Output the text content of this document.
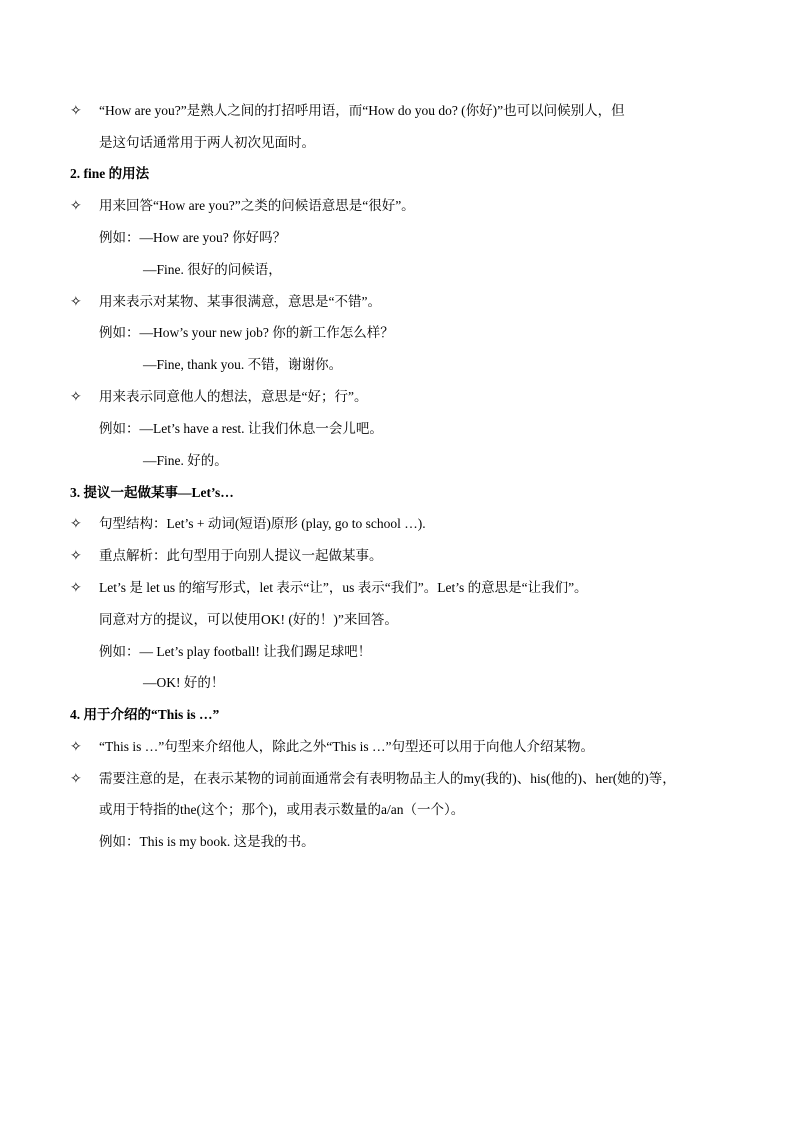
✧ “How are you?”是熟人之间的打招呼用语，而“How do you do? (你好)”也可以问候别人，但
是这句话通常用于两人初次见面时。
2. fine 的用法
✧ 用来回答“How are you?”之类的问候语意思是“很好”。
例如：—How are you? 你好吗？
—Fine. 很好的问候语，
✧ 用来表示对某物、某事很满意，意思是“不错”。
例如：—How’s your new job? 你的新工作怎么样？
—Fine, thank you. 不错，谢谢你。
✧ 用来表示同意他人的想法，意思是“好；行”。
例如：—Let’s have a rest. 让我们休息一会儿吧。
—Fine. 好的。
3. 提议一起做某事—Let’s…
✧ 句型结构：Let’s + 动词(短语)原形 (play, go to school …).
✧ 重点解析：此句型用于向别人提议一起做某事。
✧ Let’s 是 let us 的缩写形式，let 表示“让”，us 表示“我们”。Let’s 的意思是“让我们”。
同意对方的提议，可以使用OK! (好的！)”来回答。
例如：— Let’s play football! 让我们踢足球吧！
—OK! 好的！
4. 用于介绍的“This is …”
✧ “This is …”句型来介绍他人，除此之外“This is …”句型还可以用于向他人介绍某物。
✧ 需要注意的是，在表示某物的词前面通常会有表明物品主人的my(我的)、his(他的)、her(她的)等，
或用于特指的the(这个；那个)，或用表示数量的a/an（一个）。
例如：This is my book. 这是我的书。
